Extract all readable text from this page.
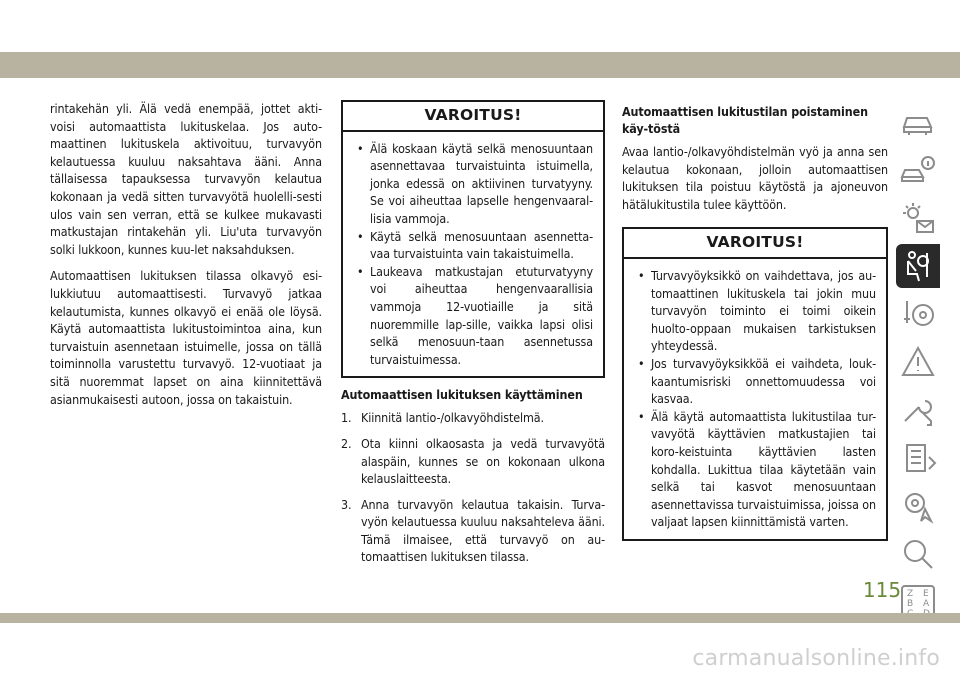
rintakehän yli. Älä vedä enempää, jottet akti-voisi automaattista lukituskelaa. Jos auto-maattinen lukituskela aktivoituu, turvavyön kelautuessa kuuluu naksahtava ääni. Anna tällaisessa tapauksessa turvavyön kelautua kokonaan ja vedä sitten turvavyötä huolelli-sesti ulos vain sen verran, että se kulkee mukavasti matkustajan rintakehän yli. Liu'uta turvavyön solki lukkoon, kunnes kuu-let naksahduksen.

Automaattisen lukituksen tilassa olkavyö esi-lukkiutuu automaattisesti. Turvavyö jatkaa kelautumista, kunnes olkavyö ei enää ole löysä. Käytä automaattista lukitustoimintoa aina, kun turvaistuin asennetaan istuimelle, jossa on tällä toiminnolla varustettu turvavyö. 12-vuotiaat ja sitä nuoremmat lapset on aina kiinnitettävä asianmukaisesti autoon, jossa on takaistuin.

VAROITUS!
• Älä koskaan käytä selkä menosuuntaan asennettavaa turvaistuinta istuimella, jonka edessä on aktiivinen turvatyyny. Se voi aiheuttaa lapselle hengenvaaral-lisia vammoja.
• Käytä selkä menosuuntaan asennetta-vaa turvaistuinta vain takaistuimella.
• Laukeava matkustajan etuturvatyyny voi aiheuttaa hengenvaarallisia vammoja 12-vuotiaille ja sitä nuoremmille lap-sille, vaikka lapsi olisi selkä menosuun-taan asennetussa turvaistuimessa.
Automaattisen lukituksen käyttäminen
1. Kiinnitä lantio-/olkavyöhdistelmä.
2. Ota kiinni olkaosasta ja vedä turvavyötä alaspäin, kunnes se on kokonaan ulkona kelauslaitteesta.
3. Anna turvavyön kelautua takaisin. Turva-vyön kelautuessa kuuluu naksahteleva ääni. Tämä ilmaisee, että turvavyö on au-tomaattisen lukituksen tilassa.
Automaattisen lukitustilan poistaminen käy-töstä

Avaa lantio-/olkavyöhdistelmän vyö ja anna sen kelautua kokonaan, jolloin automaattisen lukituksen tila poistuu käytöstä ja ajoneuvon hätälukitustila tulee käyttöön.

VAROITUS!
• Turvavyöyksikkö on vaihdettava, jos au-tomaattinen lukituskela tai jokin muu turvavyön toiminto ei toimi oikein huolto-oppaan mukaisen tarkistuksen yhteydessä.
• Jos turvavyöyksikköä ei vaihdeta, louk-kaantumisriski onnettomuudessa voi kasvaa.
• Älä käytä automaattista lukitustilaa tur-vavyötä käyttävien matkustajien tai koro-keistuinta käyttävien lasten kohdalla. Lukittua tilaa käytetään vain selkä tai kasvot menosuuntaan asennettavissa turvaistuimissa, joissa on valjaat lapsen kiinnittämistä varten.
Z E
B A
115
carmanualsonline.info
